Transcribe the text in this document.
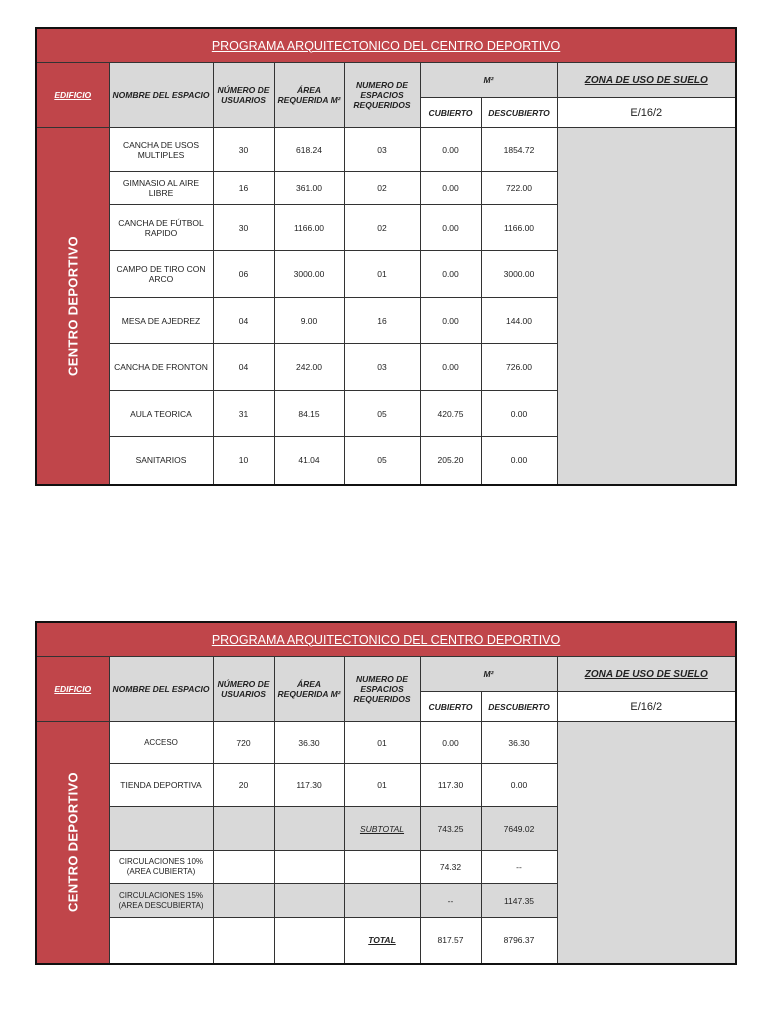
PROGRAMA ARQUITECTONICO DEL CENTRO DEPORTIVO							
EDIFICIO	NOMBRE DEL ESPACIO	NÚMERO DE USUARIOS	ÁREA REQUERIDA M²	NUMERO DE ESPACIOS REQUERIDOS	M²		ZONA DE USO DE SUELO
					CUBIERTO	DESCUBIERTO	E/16/2

CENTRO DEPORTIVO	CANCHA DE USOS MULTIPLES	30	618.24	03	0.00	1854.72	
	GIMNASIO AL AIRE LIBRE	16	361.00	02	0.00	722.00	
	CANCHA DE FÚTBOL RAPIDO	30	1166.00	02	0.00	1166.00	
	CAMPO DE TIRO CON ARCO	06	3000.00	01	0.00	3000.00	
	MESA DE AJEDREZ	04	9.00	16	0.00	144.00	
	CANCHA DE FRONTON	04	242.00	03	0.00	726.00	
	AULA TEORICA	31	84.15	05	420.75	0.00	
	SANITARIOS	10	41.04	05	205.20	0.00	
PROGRAMA ARQUITECTONICO DEL CENTRO DEPORTIVO							
EDIFICIO	NOMBRE DEL ESPACIO	NÚMERO DE USUARIOS	ÁREA REQUERIDA M²	NUMERO DE ESPACIOS REQUERIDOS	M²		ZONA DE USO DE SUELO
					CUBIERTO	DESCUBIERTO	E/16/2

CENTRO DEPORTIVO	ACCESO	720	36.30	01	0.00	36.30	
	TIENDA DEPORTIVA	20	117.30	01	117.30	0.00	
				SUBTOTAL	743.25	7649.02	
	CIRCULACIONES 10%(AREA CUBIERTA)				74.32	--	
	CIRCULACIONES 15% (AREA DESCUBIERTA)				--	1147.35	
				TOTAL	817.57	8796.37	
